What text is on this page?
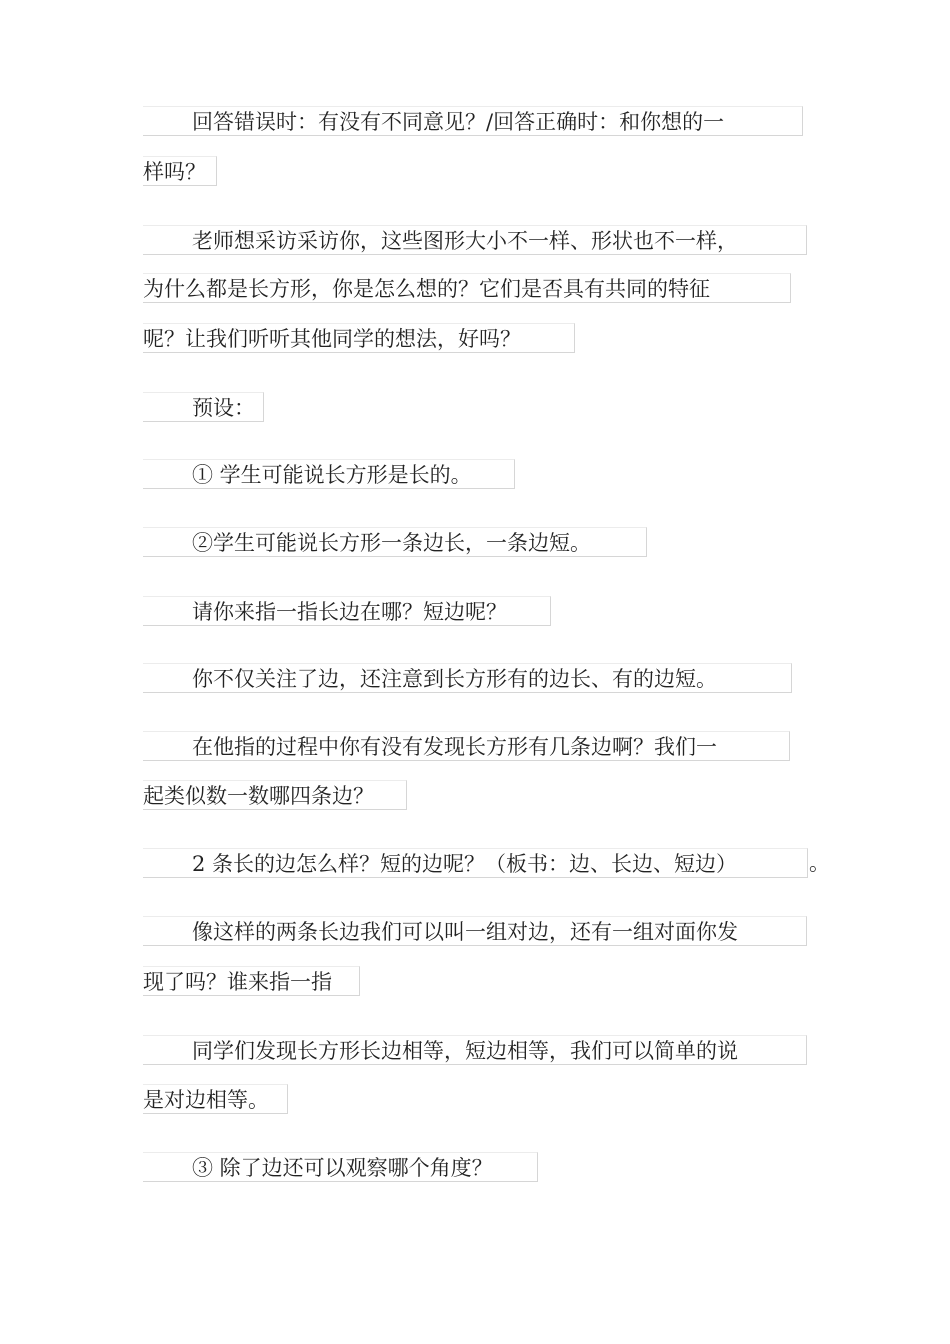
回答错误时：有没有不同意见？/回答正确时：和你想的一
样吗？
老师想采访采访你，这些图形大小不一样、形状也不一样，
为什么都是长方形，你是怎么想的？它们是否具有共同的特征
呢？让我们听听其他同学的想法，好吗？
预设：
① 学生可能说长方形是长的。
②学生可能说长方形一条边长，一条边短。
请你来指一指长边在哪？短边呢？
你不仅关注了边，还注意到长方形有的边长、有的边短。
在他指的过程中你有没有发现长方形有几条边啊？我们一
起类似数一数哪四条边？
2 条长的边怎么样？短的边呢？（板书：边、长边、短边）	。
像这样的两条长边我们可以叫一组对边，还有一组对面你发
现了吗？谁来指一指
同学们发现长方形长边相等，短边相等，我们可以简单的说
是对边相等。
③ 除了边还可以观察哪个角度？
